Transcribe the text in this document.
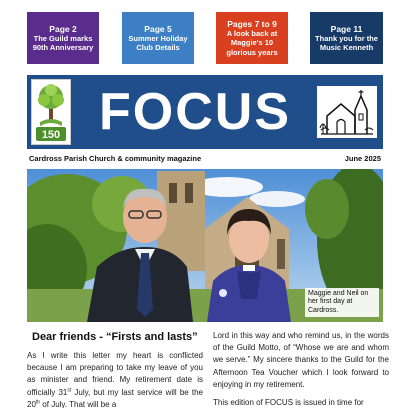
Page 2
The Guild marks 90th Anniversary
Page 5
Summer Holiday Club Details
Pages 7 to 9
A look back at Maggie's 10 glorious years
Page 11
Thank you for the Music Kenneth
150 FOCUS
Cardross Parish Church & community magazine	June 2025
Maggie and Neil on her first day at Cardross.
Dear friends - “Firsts and lasts”
As I write this letter my heart is conflicted because I am preparing to take my leave of you as minister and friend. My retirement date is officially 31st July, but my last service will be the 20th of July. That will be a
Lord in this way and who remind us, in the words of the Guild Motto, of “Whose we are and whom we serve.” My sincere thanks to the Guild for the Afternoon Tea Voucher which I look forward to enjoying in my retirement.
This edition of FOCUS is issued in time for
